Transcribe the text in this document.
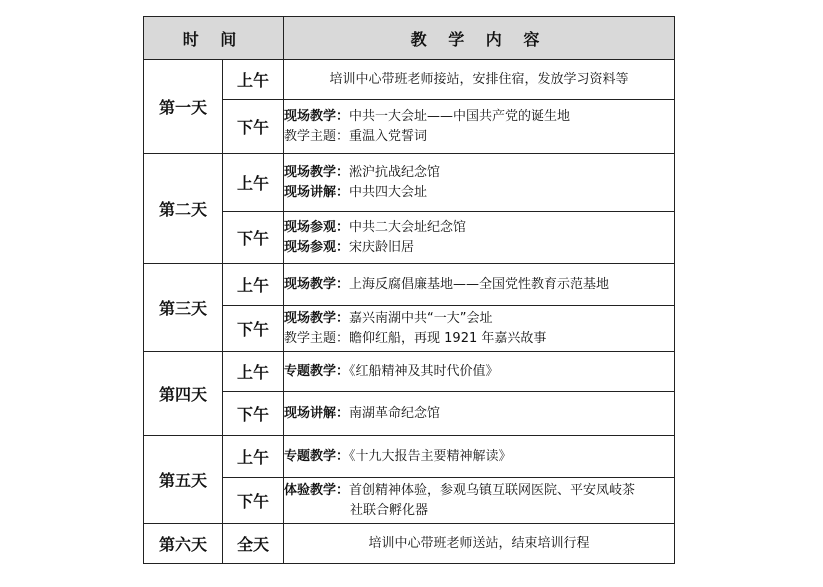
时 间		教 学 内 容
第一天	上午	培训中心带班老师接站，安排住宿，发放学习资料等

	下午	现场教学：中共一大会址——中国共产党的诞生地
教学主题：重温入党誓词

第二天	上午	现场教学：淞沪抗战纪念馆
现场讲解：中共四大会址

	下午	现场参观：中共二大会址纪念馆
现场参观：宋庆龄旧居

第三天	上午	现场教学：上海反腐倡廉基地——全国党性教育示范基地

	下午	现场教学：嘉兴南湖中共“一大”会址
教学主题：瞻仰红船，再现 1921 年嘉兴故事

第四天	上午	专题教学：《红船精神及其时代价值》

	下午	现场讲解：南湖革命纪念馆

第五天	上午	专题教学：《十九大报告主要精神解读》

	下午	体验教学：首创精神体验，参观乌镇互联网医院、平安凤岐茶
社联合孵化器

第六天	全天	培训中心带班老师送站，结束培训行程
